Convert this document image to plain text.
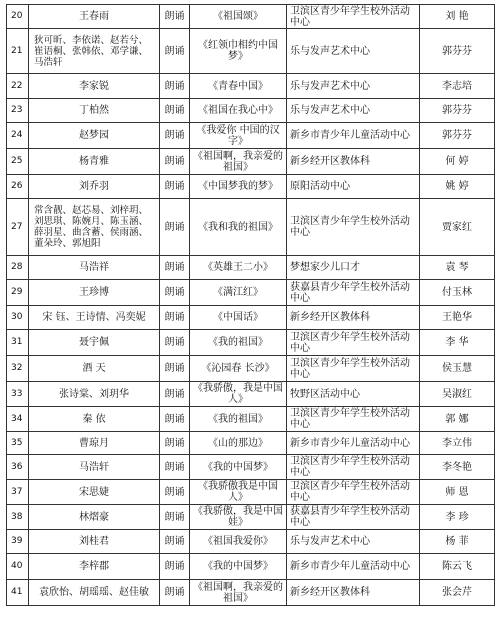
20	王春雨	朗诵	《祖国颂》	卫滨区青少年学生校外活动中心	刘 艳
21	狄可昕、李依诺、赵若兮、崔语桐、张韩依、邓学谦、马浩轩	朗诵	《红领巾相约中国梦》	乐与发声艺术中心	郭芬芬
22	李家锐	朗诵	《青春中国》	乐与发声艺术中心	李志培
23	丁柏然	朗诵	《祖国在我心中》	乐与发声艺术中心	郭芬芬
24	赵梦园	朗诵	《我爱你 中国的汉字》	新乡市青少年儿童活动中心	郭芬芬
25	杨青雅	朗诵	《祖国啊，我亲爱的祖国》	新乡经开区教体科	何 婷
26	刘乔羽	朗诵	《中国梦我的梦》	原阳活动中心	姚 婷
27	常含靓、赵芯易、刘梓玥、刘思琪、陈婉月、陈玉涵、薛羽星、曲含蓄、侯雨涵、董朵玲、郭旭阳	朗诵	《我和我的祖国》	卫滨区青少年学生校外活动中心	贾家红
28	马浩祥	朗诵	《英雄王二小》	梦想家少儿口才	袁 琴
29	王珍博	朗诵	《满江红》	获嘉县青少年学生校外活动中心	付玉林
30	宋 钰、王诗情、冯奕妮	朗诵	《中国话》	新乡经开区教体科	王艳华
31	聂宇佩	朗诵	《我的祖国》	卫滨区青少年学生校外活动中心	李 华
32	酒 天	朗诵	《沁园春 长沙》	卫滨区青少年学生校外活动中心	侯玉慧
33	张诗棠、刘玥华	朗诵	《我骄傲，我是中国人》	牧野区活动中心	吴淑红
34	秦 依	朗诵	《我的祖国》	卫滨区青少年学生校外活动中心	郭 娜
35	曹琼月	朗诵	《山的那边》	新乡市青少年儿童活动中心	李立伟
36	马浩轩	朗诵	《我的中国梦》	卫滨区青少年学生校外活动中心	李冬艳
37	宋思婕	朗诵	《我骄傲我是中国人》	卫滨区青少年学生校外活动中心	师 恩
38	林熠豪	朗诵	《我骄傲，我是中国娃》	获嘉县青少年学生校外活动中心	李 珍
39	刘桂君	朗诵	《祖国我爱你》	乐与发声艺术中心	杨 菲
40	李梓郡	朗诵	《我的中国梦》	新乡市青少年儿童活动中心	陈云飞
41	袁欣怡、胡瑶瑶、赵佳敏	朗诵	《祖国啊，我亲爱的祖国》	新乡经开区教体科	张会芹
